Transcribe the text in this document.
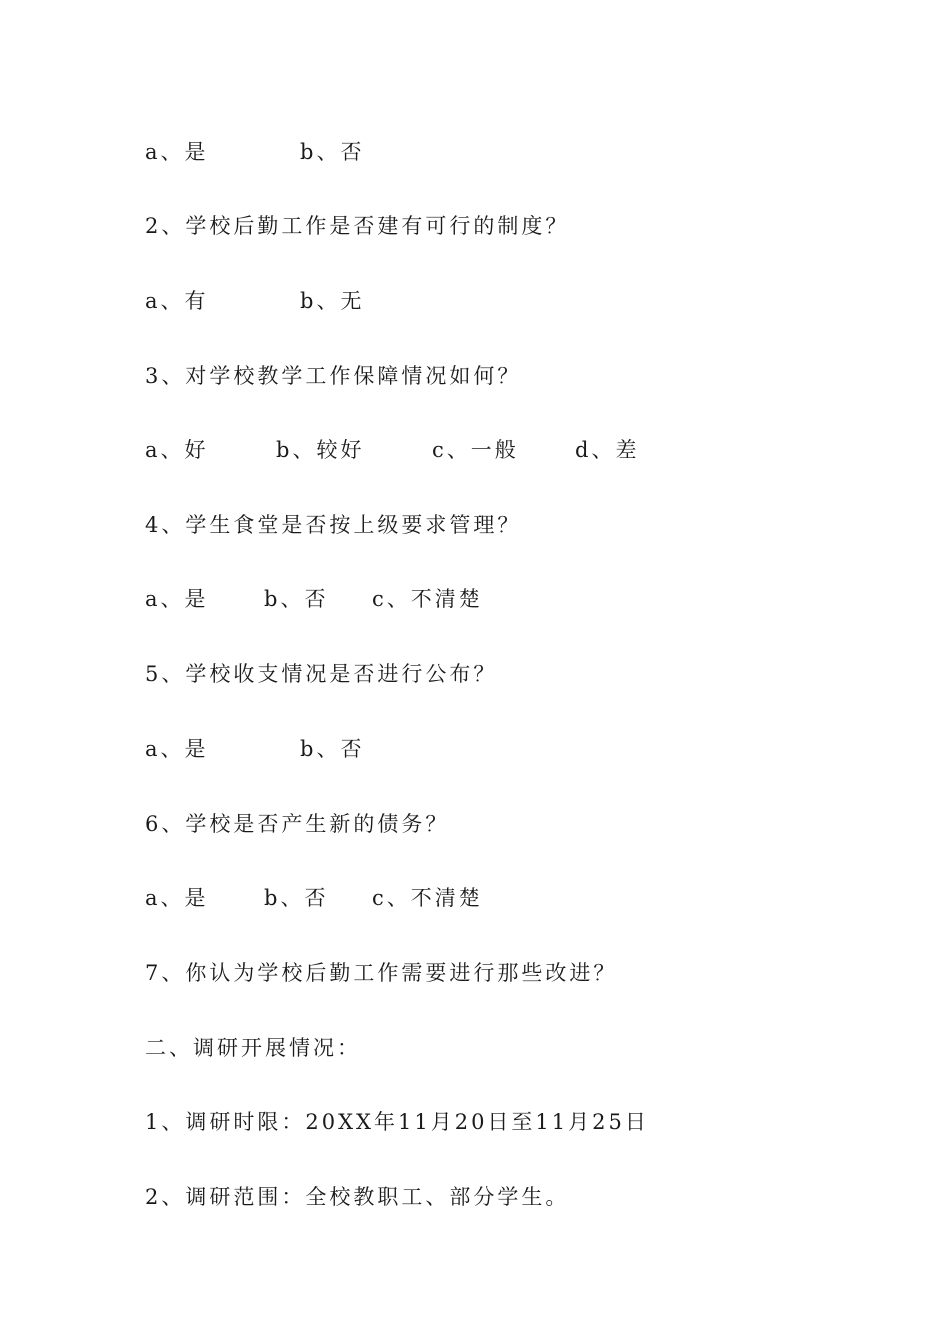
a、是	b、否
2、学校后勤工作是否建有可行的制度？
a、有	b、无
3、对学校教学工作保障情况如何？
a、好	b、较好	c、一般	d、差
4、学生食堂是否按上级要求管理？
a、是	b、否 c、不清楚
5、学校收支情况是否进行公布？
a、是	b、否
6、学校是否产生新的债务？
a、是	b、否 c、不清楚
7、你认为学校后勤工作需要进行那些改进？
二、调研开展情况：
1、调研时限：20XX年11月20日至11月25日
2、调研范围：全校教职工、部分学生。
